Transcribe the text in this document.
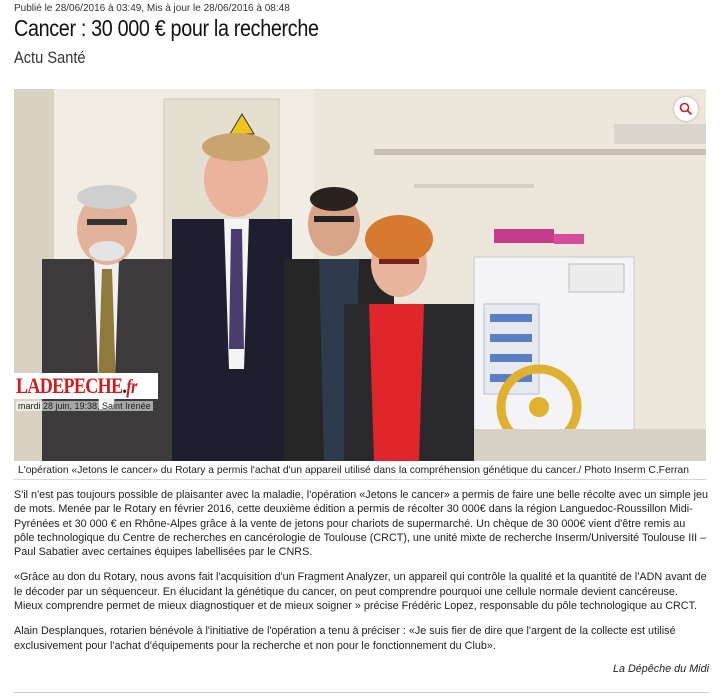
Publié le 28/06/2016 à 03:49, Mis à jour le 28/06/2016 à 08:48
Cancer : 30 000 € pour la recherche
Actu Santé
LADEPECHE.fr
mardi 28 juin, 19:38, Saint Irénée
L'opération «Jetons le cancer» du Rotary a permis l'achat d'un appareil utilisé dans la compréhension génétique du cancer./ Photo Inserm C.Ferran

S'il n'est pas toujours possible de plaisanter avec la maladie, l'opération «Jetons le cancer» a permis de faire une belle récolte avec un simple jeu de mots. Menée par le Rotary en février 2016, cette deuxième édition a permis de récolter 30 000€ dans la région Languedoc-Roussillon Midi-Pyrénées et 30 000 € en Rhône-Alpes grâce à la vente de jetons pour chariots de supermarché. Un chèque de 30 000€ vient d'être remis au pôle technologique du Centre de recherches en cancérologie de Toulouse (CRCT), une unité mixte de recherche Inserm/Université Toulouse III – Paul Sabatier avec certaines équipes labellisées par le CNRS.

«Grâce au don du Rotary, nous avons fait l'acquisition d'un Fragment Analyzer, un appareil qui contrôle la qualité et la quantité de l'ADN avant de le décoder par un séquenceur. En élucidant la génétique du cancer, on peut comprendre pourquoi une cellule normale devient cancéreuse. Mieux comprendre permet de mieux diagnostiquer et de mieux soigner » précise Frédéric Lopez, responsable du pôle technologique au CRCT.

Alain Desplanques, rotarien bénévole à l'initiative de l'opération a tenu à préciser : «Je suis fier de dire que l'argent de la collecte est utilisé exclusivement pour l'achat d'équipements pour la recherche et non pour le fonctionnement du Club».

La Dépêche du Midi
